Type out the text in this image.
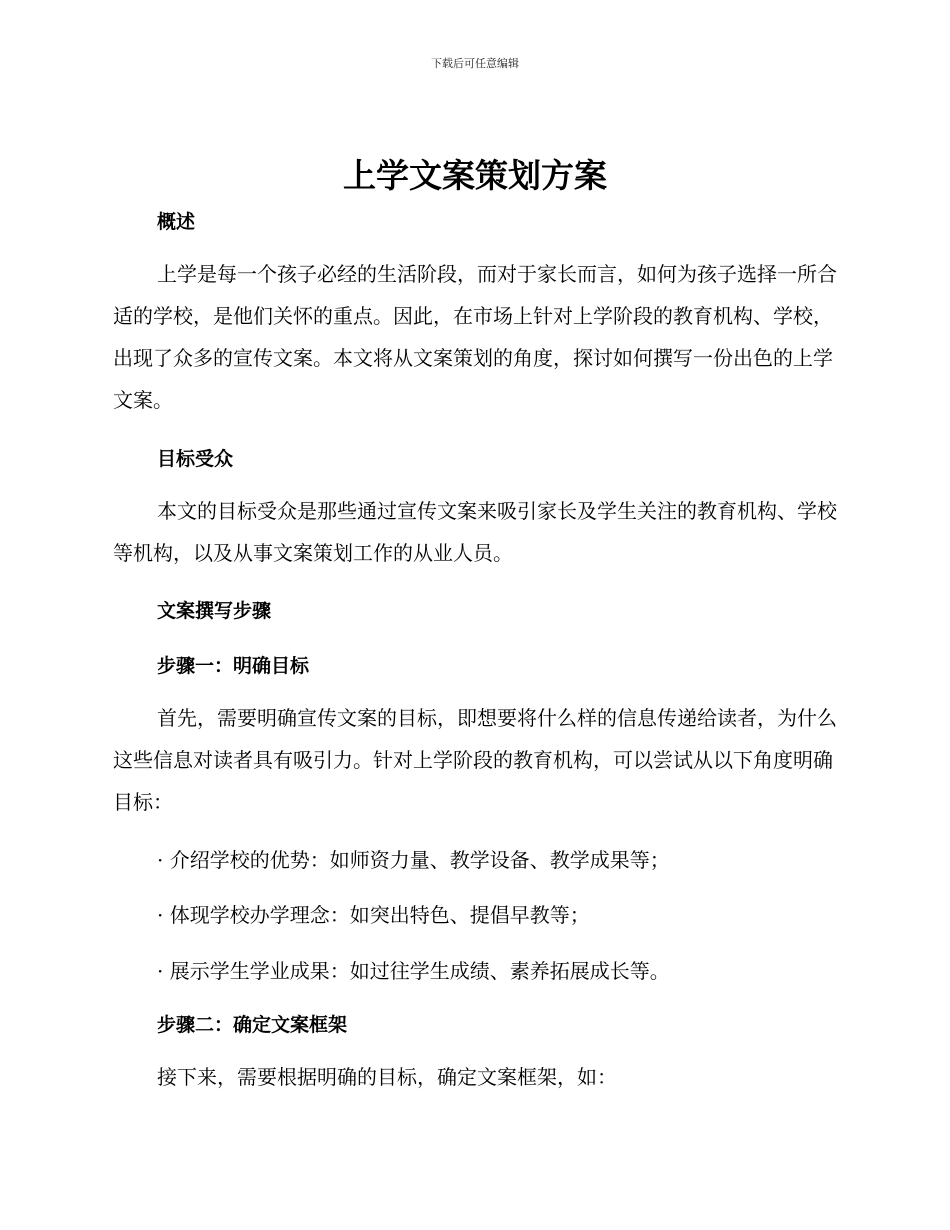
下载后可任意编辑
上学文案策划方案
概述

上学是每一个孩子必经的生活阶段，而对于家长而言，如何为孩子选择一所合适的学校，是他们关怀的重点。因此，在市场上针对上学阶段的教育机构、学校，出现了众多的宣传文案。本文将从文案策划的角度，探讨如何撰写一份出色的上学文案。

目标受众

本文的目标受众是那些通过宣传文案来吸引家长及学生关注的教育机构、学校等机构，以及从事文案策划工作的从业人员。

文案撰写步骤
步骤一：明确目标

首先，需要明确宣传文案的目标，即想要将什么样的信息传递给读者，为什么这些信息对读者具有吸引力。针对上学阶段的教育机构，可以尝试从以下角度明确目标：

· 介绍学校的优势：如师资力量、教学设备、教学成果等；
· 体现学校办学理念：如突出特色、提倡早教等；
· 展示学生学业成果：如过往学生成绩、素养拓展成长等。
步骤二：确定文案框架

接下来，需要根据明确的目标，确定文案框架，如：
